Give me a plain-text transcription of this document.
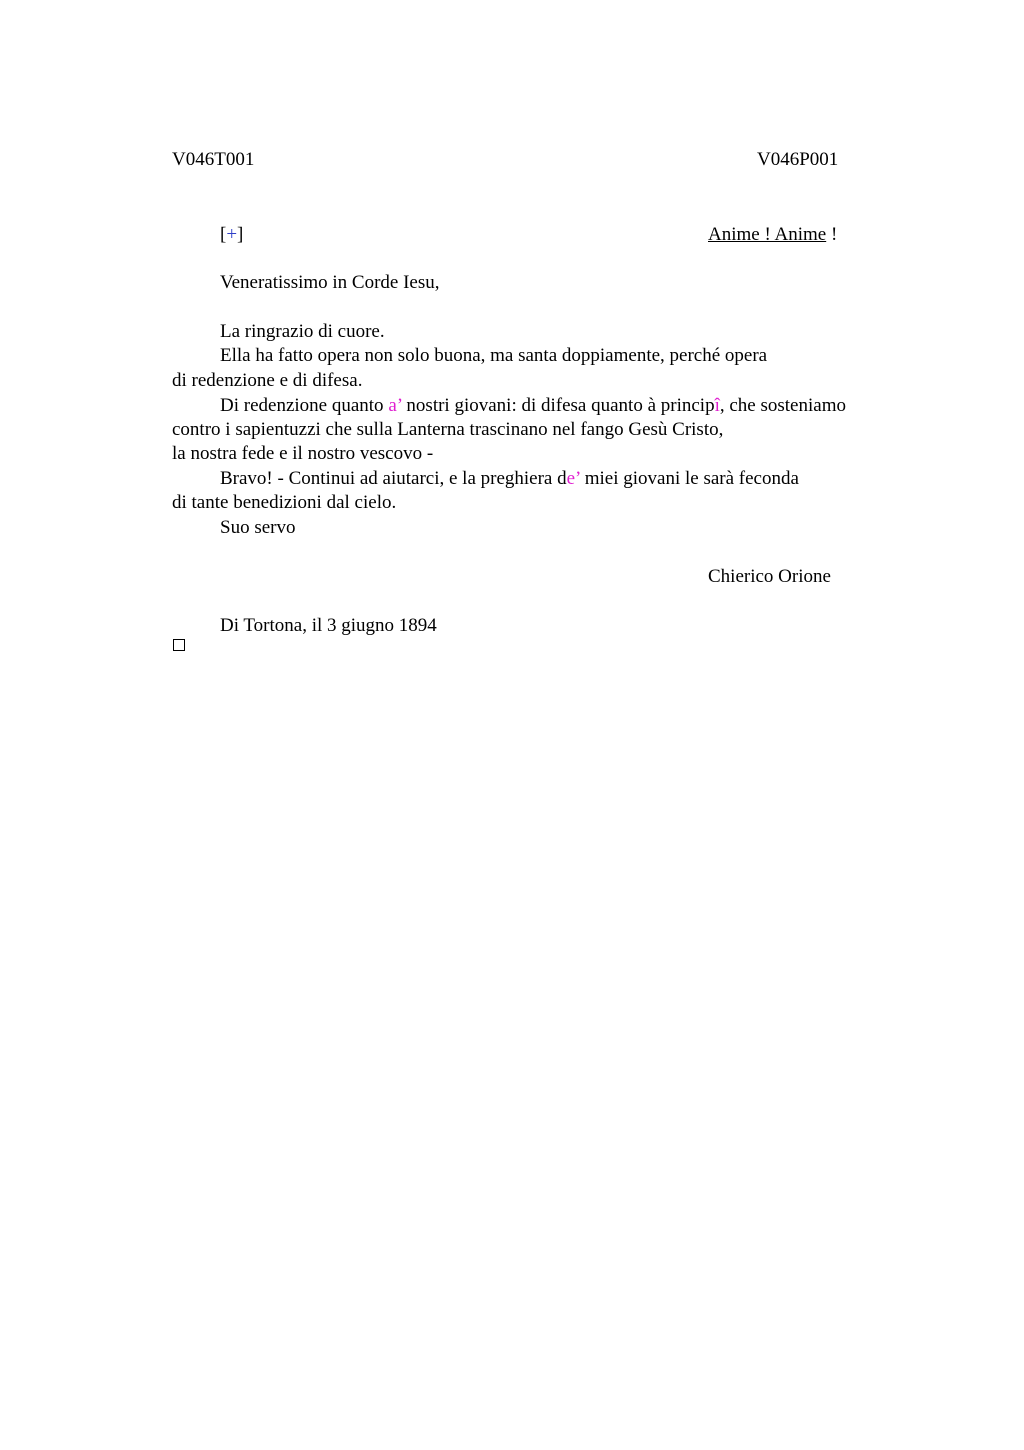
V046T001	V046P001
[+]	Anime ! Anime !
Veneratissimo in Corde Iesu,
La ringrazio di cuore.
Ella ha fatto opera non solo buona, ma santa doppiamente, perché opera
di redenzione e di difesa.
Di redenzione quanto a’ nostri giovani: di difesa quanto à principî, che sosteniamo
contro i sapientuzzi che sulla Lanterna trascinano nel fango Gesù Cristo,
la nostra fede e il nostro vescovo -
Bravo! - Continui ad aiutarci, e la preghiera de’ miei giovani le sarà feconda
di tante benedizioni dal cielo.
Suo servo
Chierico Orione
Di Tortona, il 3 giugno 1894
